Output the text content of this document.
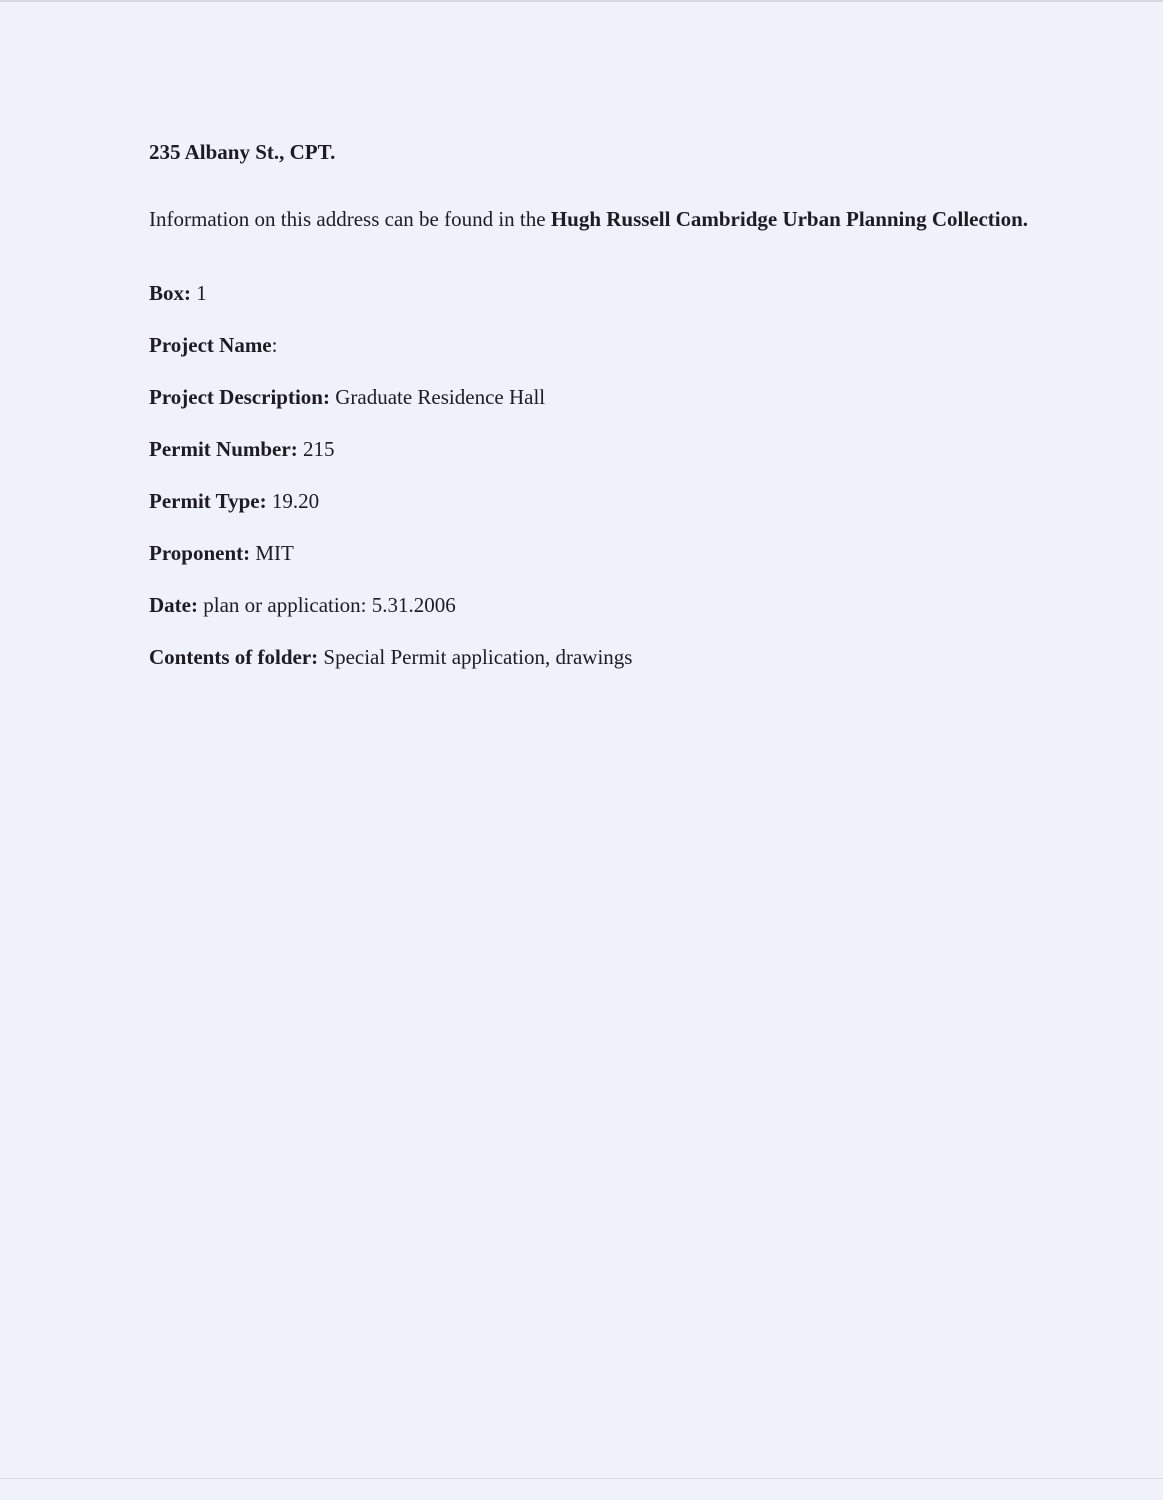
235 Albany St., CPT.

Information on this address can be found in the Hugh Russell Cambridge Urban Planning Collection.

Box: 1
Project Name:
Project Description: Graduate Residence Hall
Permit Number: 215
Permit Type: 19.20
Proponent: MIT
Date: plan or application: 5.31.2006
Contents of folder: Special Permit application, drawings
